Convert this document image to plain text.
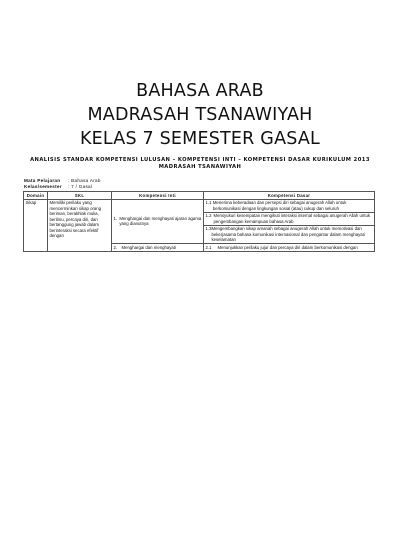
BAHASA ARAB
MADRASAH TSANAWIYAH
KELAS 7 SEMESTER GASAL
ANALISIS STANDAR KOMPETENSI LULUSAN – KOMPETENSI INTI – KOMPETENSI DASAR KURIKULUM 2013
MADRASAH TSANAWIYAH
Mata Pelajaran	: Bahasa Arab
Kelas/semester	: 7 / Gasal
Domain	SKL	Kompetensi Inti	Kompetensi Dasar
Sikap	Memiliki perilaku yang mencerminkan sikap orang beriman, berakhlak mulia, berilmu, percaya diri, dan bertanggung jawab dalam berinteraksi secara efektif dengan	1. Menghargai dan menghayati ajaran agama yang dianutnya	1.1 Menerima keberadaan dan persepsi diri sebagai anugerah Allah untuk berkomunikasi dengan lingkungan sosial (atau) cukup dan seluruh

			1.2 Mensyukuri kesempatan mengikuti interaksi internal sebagai anugerah Allah untuk pengembangan kemampuan bahasa Arab

			1.3 Mengembangkan sikap amanah sebagai anugerah Allah untuk memotivasi dan bekerjasama bahasa komunikasi internasional dan pengantar dalam menghayati keselamatan

		2. Menghargai dan menghayati	2.1 Menunjukkan perilaku jujur dan percaya diri dalam berkomunikasi dengan
